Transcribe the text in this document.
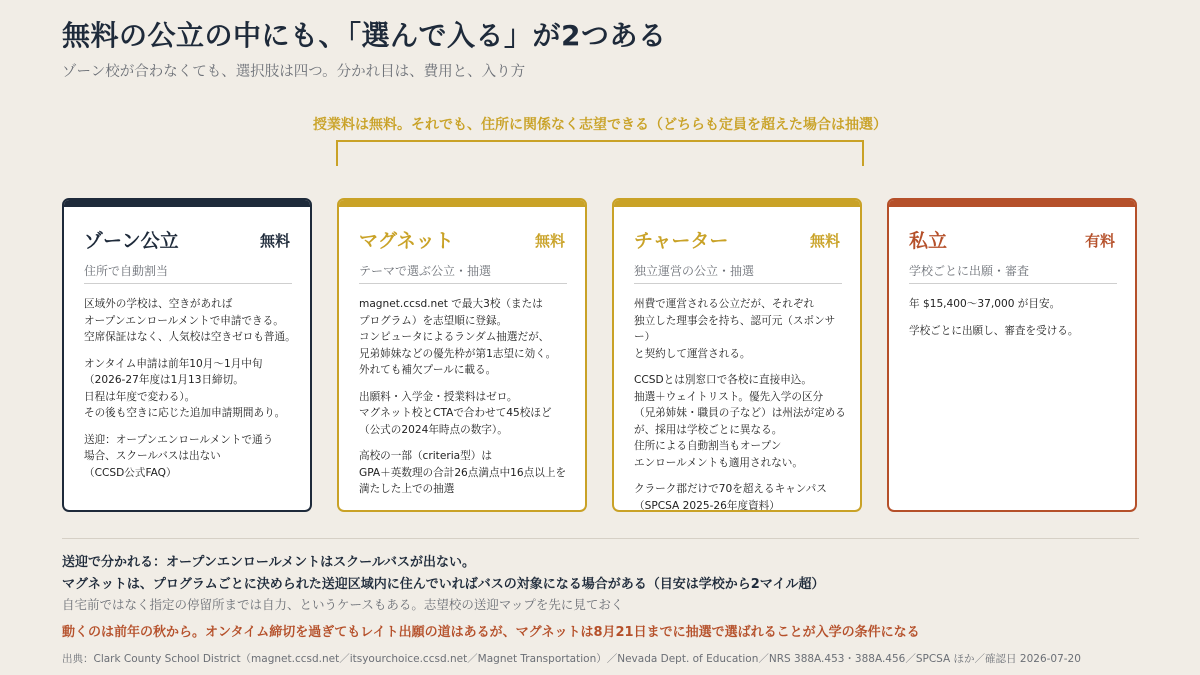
無料の公立の中にも、「選んで入る」が2つある
ゾーン校が合わなくても、選択肢は四つ。分かれ目は、費用と、入り方
授業料は無料。それでも、住所に関係なく志望できる（どちらも定員を超えた場合は抽選）
ゾーン公立	無料
住所で自動割当

区域外の学校は、空きがあれば
オープンエンロールメントで申請できる。
空席保証はなく、人気校は空きゼロも普通。

オンタイム申請は前年10月〜1月中旬
（2026-27年度は1月13日締切。
日程は年度で変わる）。
その後も空きに応じた追加申請期間あり。

送迎：オープンエンロールメントで通う
場合、スクールバスは出ない
（CCSD公式FAQ）

マグネット	無料
テーマで選ぶ公立・抽選

magnet.ccsd.net で最大3校（または
プログラム）を志望順に登録。
コンピュータによるランダム抽選だが、
兄弟姉妹などの優先枠が第1志望に効く。
外れても補欠プールに載る。

出願料・入学金・授業料はゼロ。
マグネット校とCTAで合わせて45校ほど
（公式の2024年時点の数字）。

高校の一部（criteria型）は
GPA＋英数理の合計26点満点中16点以上を
満たした上での抽選

チャーター	無料
独立運営の公立・抽選

州費で運営される公立だが、それぞれ
独立した理事会を持ち、認可元（スポンサー）
と契約して運営される。

CCSDとは別窓口で各校に直接申込。
抽選＋ウェイトリスト。優先入学の区分
（兄弟姉妹・職員の子など）は州法が定める
が、採用は学校ごとに異なる。
住所による自動割当もオープン
エンロールメントも適用されない。

クラーク郡だけで70を超えるキャンパス
（SPCSA 2025-26年度資料）

私立	有料
学校ごとに出願・審査

年 $15,400〜37,000 が目安。

学校ごとに出願し、審査を受ける。

送迎で分かれる：オープンエンロールメントはスクールバスが出ない。
マグネットは、プログラムごとに決められた送迎区域内に住んでいればバスの対象になる場合がある（目安は学校から2マイル超）
自宅前ではなく指定の停留所までは自力、というケースもある。志望校の送迎マップを先に見ておく
動くのは前年の秋から。オンタイム締切を過ぎてもレイト出願の道はあるが、マグネットは8月21日までに抽選で選ばれることが入学の条件になる
出典：Clark County School District（magnet.ccsd.net／itsyourchoice.ccsd.net／Magnet Transportation）／Nevada Dept. of Education／NRS 388A.453・388A.456／SPCSA ほか／確認日 2026-07-20
